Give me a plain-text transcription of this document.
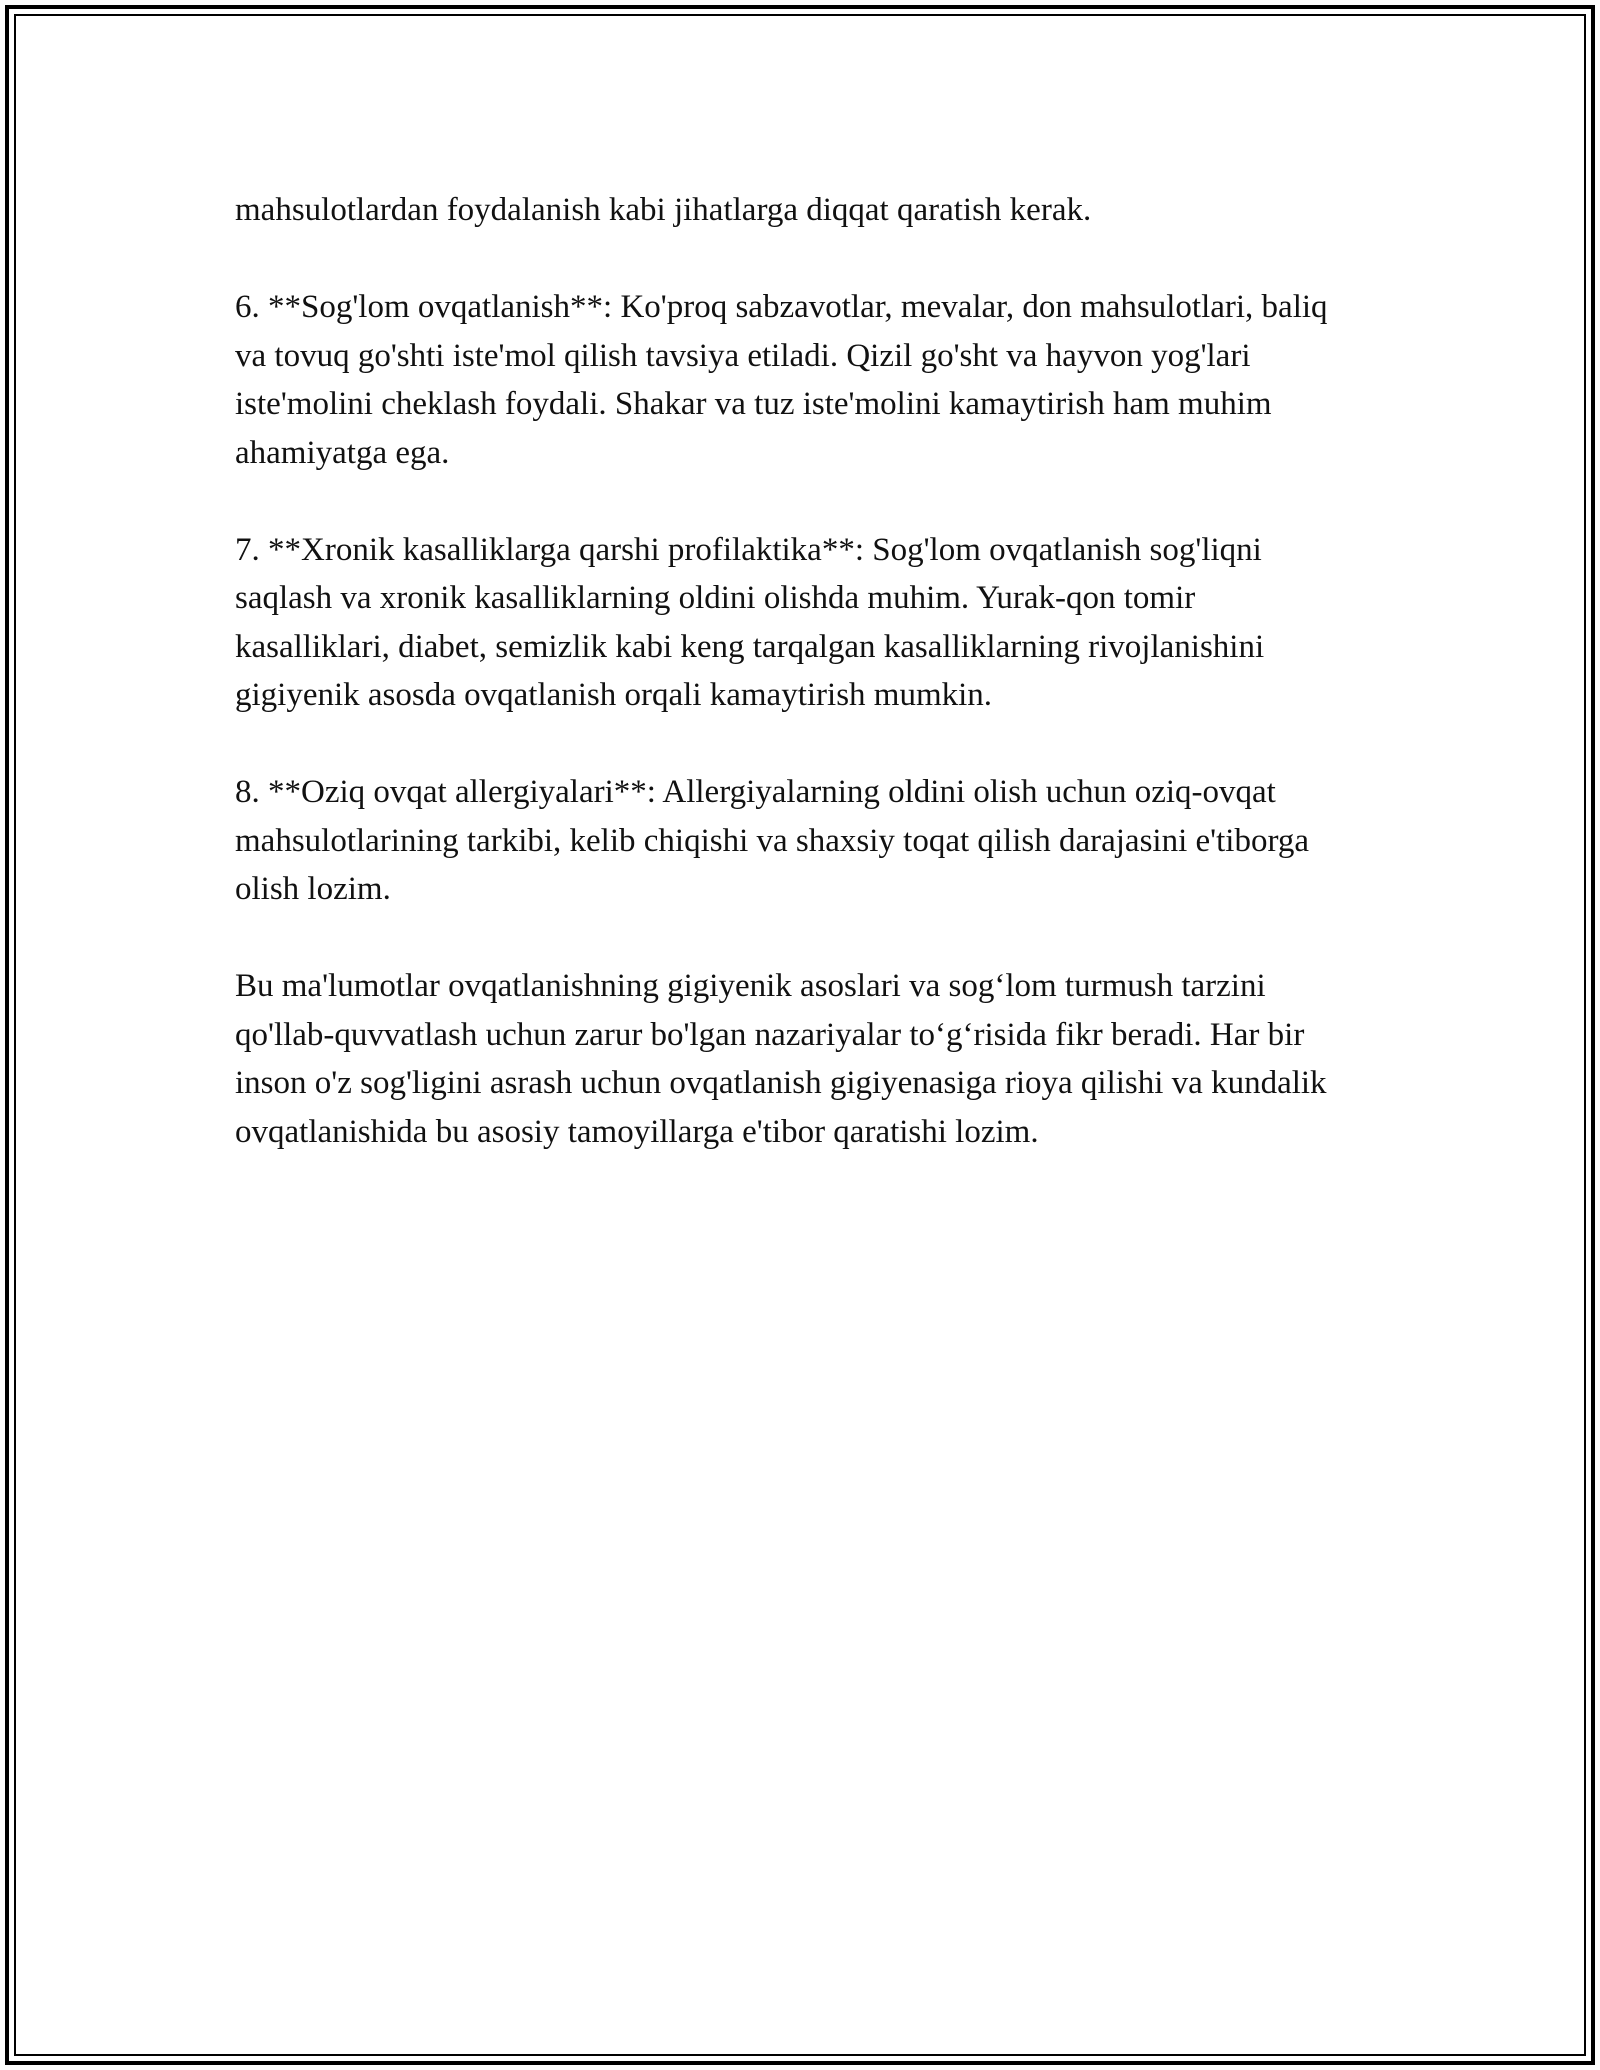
mahsulotlardan foydalanish kabi jihatlarga diqqat qaratish kerak.

6. **Sog'lom ovqatlanish**: Ko'proq sabzavotlar, mevalar, don mahsulotlari, baliq va tovuq go'shti iste'mol qilish tavsiya etiladi. Qizil go'sht va hayvon yog'lari iste'molini cheklash foydali. Shakar va tuz iste'molini kamaytirish ham muhim ahamiyatga ega.

7. **Xronik kasalliklarga qarshi profilaktika**: Sog'lom ovqatlanish sog'liqni saqlash va xronik kasalliklarning oldini olishda muhim. Yurak-qon tomir kasalliklari, diabet, semizlik kabi keng tarqalgan kasalliklarning rivojlanishini gigiyenik asosda ovqatlanish orqali kamaytirish mumkin.

8. **Oziq ovqat allergiyalari**: Allergiyalarning oldini olish uchun oziq-ovqat mahsulotlarining tarkibi, kelib chiqishi va shaxsiy toqat qilish darajasini e'tiborga olish lozim.

Bu ma'lumotlar ovqatlanishning gigiyenik asoslari va sog‘lom turmush tarzini qo'llab-quvvatlash uchun zarur bo'lgan nazariyalar to‘g‘risida fikr beradi. Har bir inson o'z sog'ligini asrash uchun ovqatlanish gigiyenasiga rioya qilishi va kundalik ovqatlanishida bu asosiy tamoyillarga e'tibor qaratishi lozim.
